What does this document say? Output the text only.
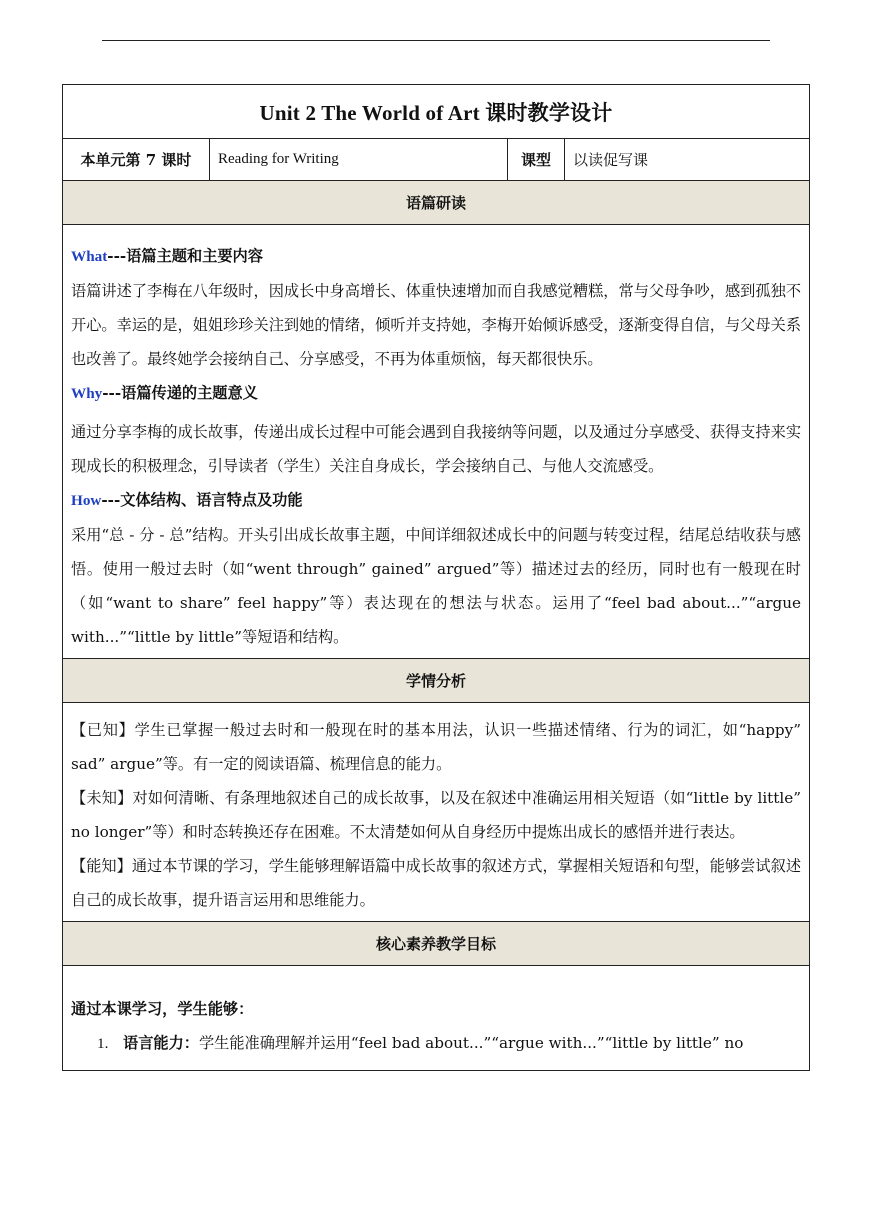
Unit 2 The World of Art 课时教学设计
本单元第 7 课时	Reading for Writing	课型	以读促写课
语篇研读

What---语篇主题和主要内容

语篇讲述了李梅在八年级时，因成长中身高增长、体重快速增加而自我感觉糟糕，常与父母争吵，感到孤独不开心。幸运的是，姐姐珍珍关注到她的情绪，倾听并支持她，李梅开始倾诉感受，逐渐变得自信，与父母关系也改善了。最终她学会接纳自己、分享感受，不再为体重烦恼，每天都很快乐。

Why---语篇传递的主题意义

通过分享李梅的成长故事，传递出成长过程中可能会遇到自我接纳等问题，以及通过分享感受、获得支持来实现成长的积极理念，引导读者（学生）关注自身成长，学会接纳自己、与他人交流感受。

How---文体结构、语言特点及功能

采用“总 - 分 - 总”结构。开头引出成长故事主题，中间详细叙述成长中的问题与转变过程，结尾总结收获与感悟。使用一般过去时（如“went through” gained” argued”等）描述过去的经历，同时也有一般现在时（如“want to share” feel happy”等）表达现在的想法与状态。运用了“feel bad about...”“argue with...”“little by little”等短语和结构。

学情分析

【已知】学生已掌握一般过去时和一般现在时的基本用法，认识一些描述情绪、行为的词汇，如“happy” sad” argue”等。有一定的阅读语篇、梳理信息的能力。

【未知】对如何清晰、有条理地叙述自己的成长故事，以及在叙述中准确运用相关短语（如“little by little” no longer”等）和时态转换还存在困难。不太清楚如何从自身经历中提炼出成长的感悟并进行表达。

【能知】通过本节课的学习，学生能够理解语篇中成长故事的叙述方式，掌握相关短语和句型，能够尝试叙述自己的成长故事，提升语言运用和思维能力。

核心素养教学目标

通过本课学习，学生能够：

1. 语言能力：学生能准确理解并运用“feel bad about...”“argue with...”“little by little” no
